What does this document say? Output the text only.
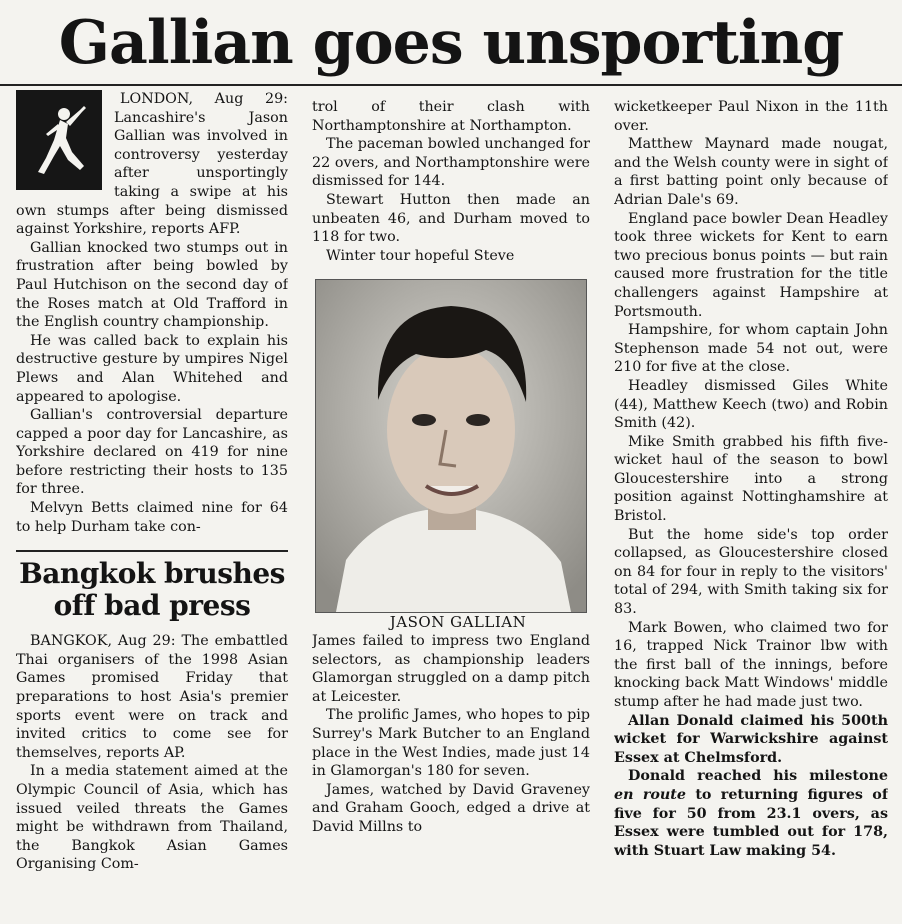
Gallian goes unsporting

LONDON, Aug 29: Lancashire's Jason Gallian was involved in controversy yesterday after unsportingly taking a swipe at his own stumps after being dismissed against Yorkshire, reports AFP.

Gallian knocked two stumps out in frustration after being bowled by Paul Hutchison on the second day of the Roses match at Old Trafford in the English country championship.

He was called back to explain his destructive gesture by umpires Nigel Plews and Alan Whitehed and appeared to apologise.

Gallian's controversial departure capped a poor day for Lancashire, as Yorkshire declared on 419 for nine before restricting their hosts to 135 for three.

Melvyn Betts claimed nine for 64 to help Durham take con-

Bangkok brushes off bad press

BANGKOK, Aug 29: The embattled Thai organisers of the 1998 Asian Games promised Friday that preparations to host Asia's premier sports event were on track and invited critics to come see for themselves, reports AP.

In a media statement aimed at the Olympic Council of Asia, which has issued veiled threats the Games might be withdrawn from Thailand, the Bangkok Asian Games Organising Com-

trol of their clash with Northamptonshire at Northampton.

The paceman bowled unchanged for 22 overs, and Northamptonshire were dismissed for 144.

Stewart Hutton then made an unbeaten 46, and Durham moved to 118 for two.

Winter tour hopeful Steve

JASON GALLIAN

James failed to impress two England selectors, as championship leaders Glamorgan struggled on a damp pitch at Leicester.

The prolific James, who hopes to pip Surrey's Mark Butcher to an England place in the West Indies, made just 14 in Glamorgan's 180 for seven.

James, watched by David Graveney and Graham Gooch, edged a drive at David Millns to

wicketkeeper Paul Nixon in the 11th over.

Matthew Maynard made nougat, and the Welsh county were in sight of a first batting point only because of Adrian Dale's 69.

England pace bowler Dean Headley took three wickets for Kent to earn two precious bonus points — but rain caused more frustration for the title challengers against Hampshire at Portsmouth.

Hampshire, for whom captain John Stephenson made 54 not out, were 210 for five at the close.

Headley dismissed Giles White (44), Matthew Keech (two) and Robin Smith (42).

Mike Smith grabbed his fifth five-wicket haul of the season to bowl Gloucestershire into a strong position against Nottinghamshire at Bristol.

But the home side's top order collapsed, as Gloucestershire closed on 84 for four in reply to the visitors' total of 294, with Smith taking six for 83.

Mark Bowen, who claimed two for 16, trapped Nick Trainor lbw with the first ball of the innings, before knocking back Matt Windows' middle stump after he had made just two.

Allan Donald claimed his 500th wicket for Warwickshire against Essex at Chelmsford.

Donald reached his milestone en route to returning figures of five for 50 from 23.1 overs, as Essex were tumbled out for 178, with Stuart Law making 54.
